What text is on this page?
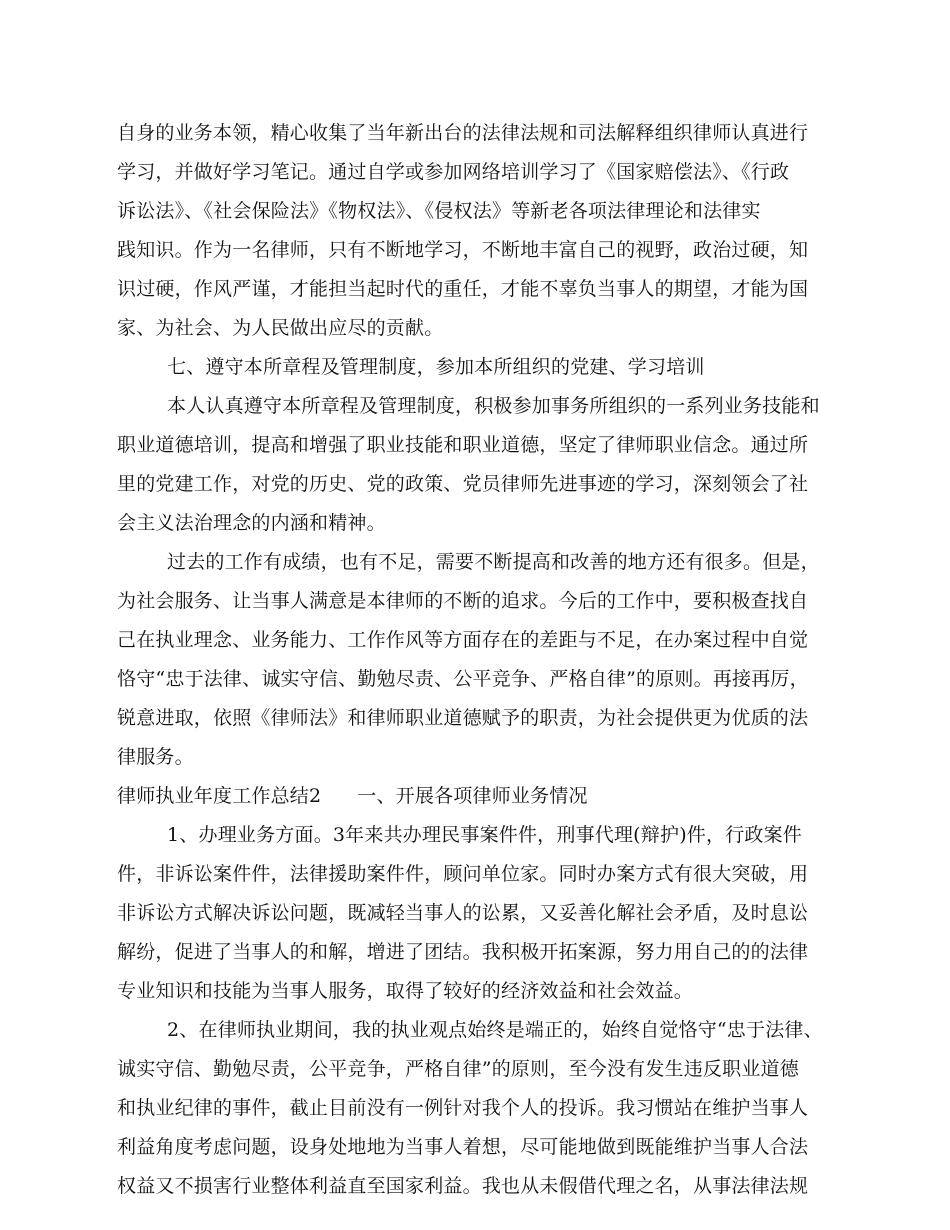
自身的业务本领，精心收集了当年新出台的法律法规和司法解释组织律师认真进行
学习，并做好学习笔记。通过自学或参加网络培训学习了《国家赔偿法》、《行政
诉讼法》、《社会保险法》《物权法》、《侵权法》等新老各项法律理论和法律实
践知识。作为一名律师，只有不断地学习，不断地丰富自己的视野，政治过硬，知
识过硬，作风严谨，才能担当起时代的重任，才能不辜负当事人的期望，才能为国
家、为社会、为人民做出应尽的贡献。
七、遵守本所章程及管理制度，参加本所组织的党建、学习培训
本人认真遵守本所章程及管理制度，积极参加事务所组织的一系列业务技能和
职业道德培训，提高和增强了职业技能和职业道德，坚定了律师职业信念。通过所
里的党建工作，对党的历史、党的政策、党员律师先进事迹的学习，深刻领会了社
会主义法治理念的内涵和精神。
过去的工作有成绩，也有不足，需要不断提高和改善的地方还有很多。但是，
为社会服务、让当事人满意是本律师的不断的追求。今后的工作中，要积极查找自
己在执业理念、业务能力、工作作风等方面存在的差距与不足，在办案过程中自觉
恪守“忠于法律、诚实守信、勤勉尽责、公平竞争、严格自律”的原则。再接再厉，
锐意进取，依照《律师法》和律师职业道德赋予的职责，为社会提供更为优质的法
律服务。
律师执业年度工作总结2 一、开展各项律师业务情况
1、办理业务方面。3年来共办理民事案件件，刑事代理(辩护)件，行政案件
件，非诉讼案件件，法律援助案件件，顾问单位家。同时办案方式有很大突破，用
非诉讼方式解决诉讼问题，既减轻当事人的讼累，又妥善化解社会矛盾，及时息讼
解纷，促进了当事人的和解，增进了团结。我积极开拓案源，努力用自己的的法律
专业知识和技能为当事人服务，取得了较好的经济效益和社会效益。
2、在律师执业期间，我的执业观点始终是端正的，始终自觉恪守“忠于法律、
诚实守信、勤勉尽责，公平竞争，严格自律”的原则，至今没有发生违反职业道德
和执业纪律的事件，截止目前没有一例针对我个人的投诉。我习惯站在维护当事人
利益角度考虑问题，设身处地地为当事人着想，尽可能地做到既能维护当事人合法
权益又不损害行业整体利益直至国家利益。我也从未假借代理之名，从事法律法规
